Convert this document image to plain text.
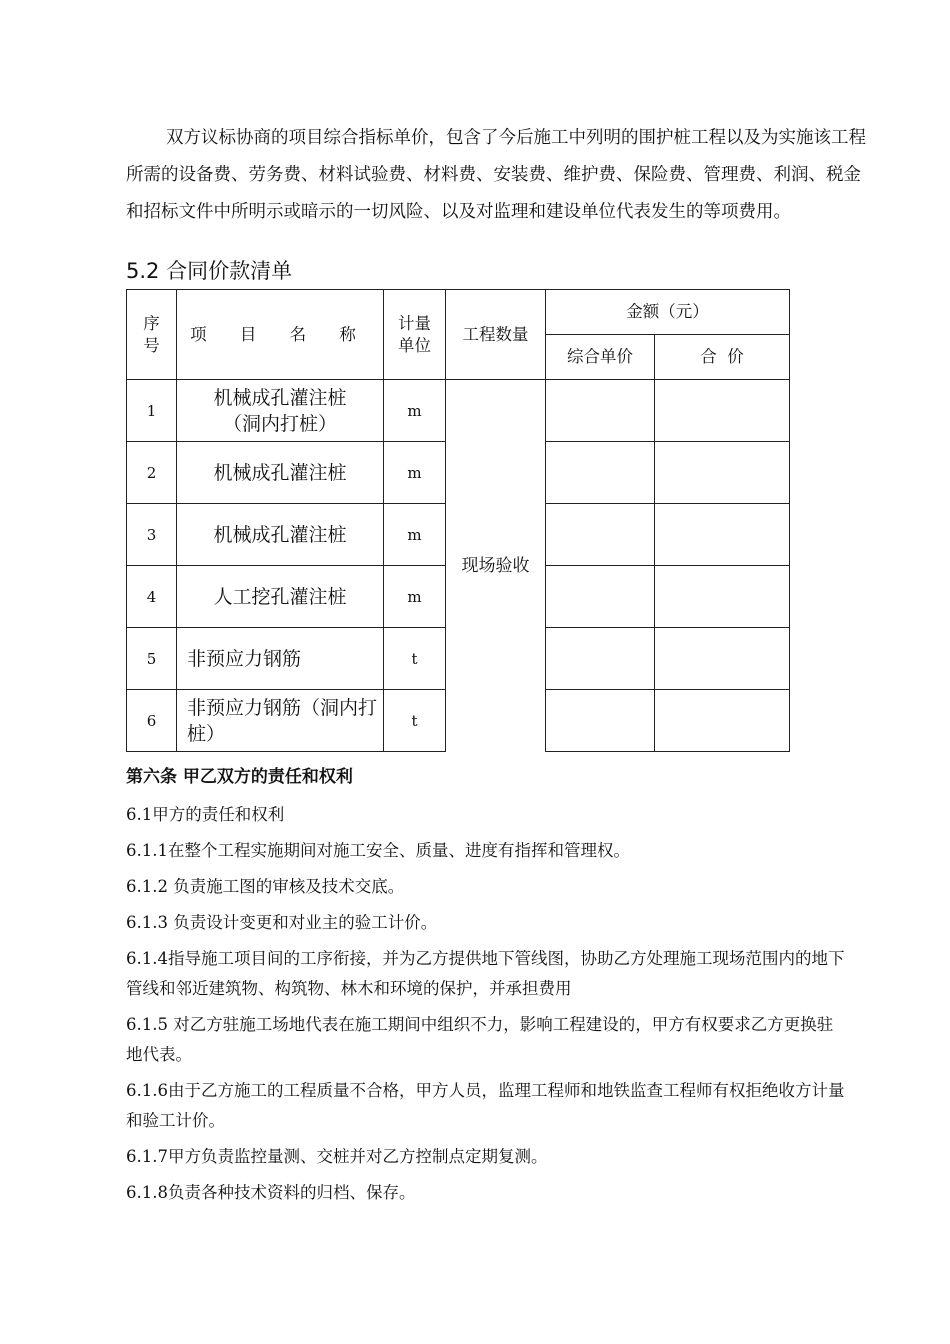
双方议标协商的项目综合指标单价，包含了今后施工中列明的围护桩工程以及为实施该工程所需的设备费、劳务费、材料试验费、材料费、安装费、维护费、保险费、管理费、利润、税金和招标文件中所明示或暗示的一切风险、以及对监理和建设单位代表发生的等项费用。

5.2 合同价款清单
序号	项 目 名 称	计量单位	工程数量	金额（元）	
				综合单价	合  价
1	机械成孔灌注桩（洞内打桩）	m	现场验收		
2	机械成孔灌注桩	m			
3	机械成孔灌注桩	m			
4	人工挖孔灌注桩	m			
5	非预应力钢筋	t			
6	非预应力钢筋（洞内打桩）	t			
第六条 甲乙双方的责任和权利

6.1甲方的责任和权利

6.1.1在整个工程实施期间对施工安全、质量、进度有指挥和管理权。

6.1.2 负责施工图的审核及技术交底。

6.1.3 负责设计变更和对业主的验工计价。

6.1.4指导施工项目间的工序衔接，并为乙方提供地下管线图，协助乙方处理施工现场范围内的地下管线和邻近建筑物、构筑物、林木和环境的保护，并承担费用

6.1.5 对乙方驻施工场地代表在施工期间中组织不力，影响工程建设的，甲方有权要求乙方更换驻地代表。

6.1.6由于乙方施工的工程质量不合格，甲方人员，监理工程师和地铁监查工程师有权拒绝收方计量和验工计价。

6.1.7甲方负责监控量测、交桩并对乙方控制点定期复测。

6.1.8负责各种技术资料的归档、保存。
